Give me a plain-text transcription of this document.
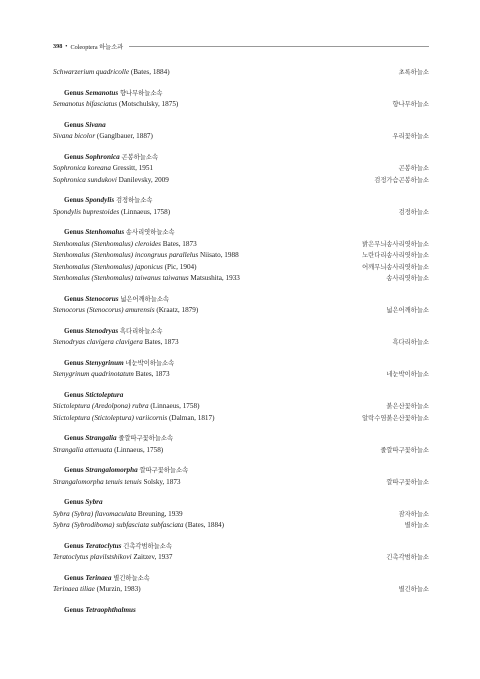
398 • Coleoptera 하늘소과
Schwarzerium quadricolle (Bates, 1884)	초록하늘소
Genus Semanotus 향나무하늘소속
Semanotus bifasciatus (Motschulsky, 1875)	향나무하늘소
Genus Sivana
Sivana bicolor (Ganglbauer, 1887)	우리꽃하늘소
Genus Sophronica 곤봉하늘소속
Sophronica koreana Gressitt, 1951	곤봉하늘소
Sophronica sundukovi Danilevsky, 2009	검정가슴곤봉하늘소
Genus Spondylis 검정하늘소속
Spondylis buprestoides (Linnaeus, 1758)	검정하늘소
Genus Stenhomalus 송사리엿하늘소속
Stenhomalus (Stenhomalus) cleroides Bates, 1873	밝은무늬송사리엿하늘소
Stenhomalus (Stenhomalus) incongruus parallelus Niisato, 1988	노란다리송사리엿하늘소
Stenhomalus (Stenhomalus) japonicus (Pic, 1904)	어깨무늬송사리엿하늘소
Stenhomalus (Stenhomalus) taiwanus taiwanus Matsushita, 1933	송사리엿하늘소
Genus Stenocorus 넓은어깨하늘소속
Stenocorus (Stenocorus) amurensis (Kraatz, 1879)	넓은어깨하늘소
Genus Stenodryas 흑다리하늘소속
Stenodryas clavigera clavigera Bates, 1873	흑다리하늘소
Genus Stenygrinum 네눈박이하늘소속
Stenygrinum quadrinotatum Bates, 1873	네눈박이하늘소
Genus Stictoleptura
Stictoleptura (Aredolpona) rubra (Linnaeus, 1758)	붉은산꽃하늘소
Stictoleptura (Stictoleptura) variicornis (Dalman, 1817)	알락수염붉은산꽃하늘소
Genus Strangalia 줄깔따구꽃하늘소속
Strangalia attenuata (Linnaeus, 1758)	줄깔따구꽃하늘소
Genus Strangalomorpha 깔따구꽃하늘소속
Strangalomorpha tenuis tenuis Solsky, 1873	깔따구꽃하늘소
Genus Sybra
Sybra (Sybra) flavomaculata Breuning, 1939	잠자하늘소
Sybra (Sybrodiboma) subfasciata subfasciata (Bates, 1884)	별하늘소
Genus Teratoclytus 긴촉각범하늘소속
Teratoclytus plavilstshikovi Zaitzev, 1937	긴촉각범하늘소
Genus Terinaea 별긴하늘소속
Terinaea tiliae (Murzin, 1983)	별긴하늘소
Genus Tetraophthalmus
